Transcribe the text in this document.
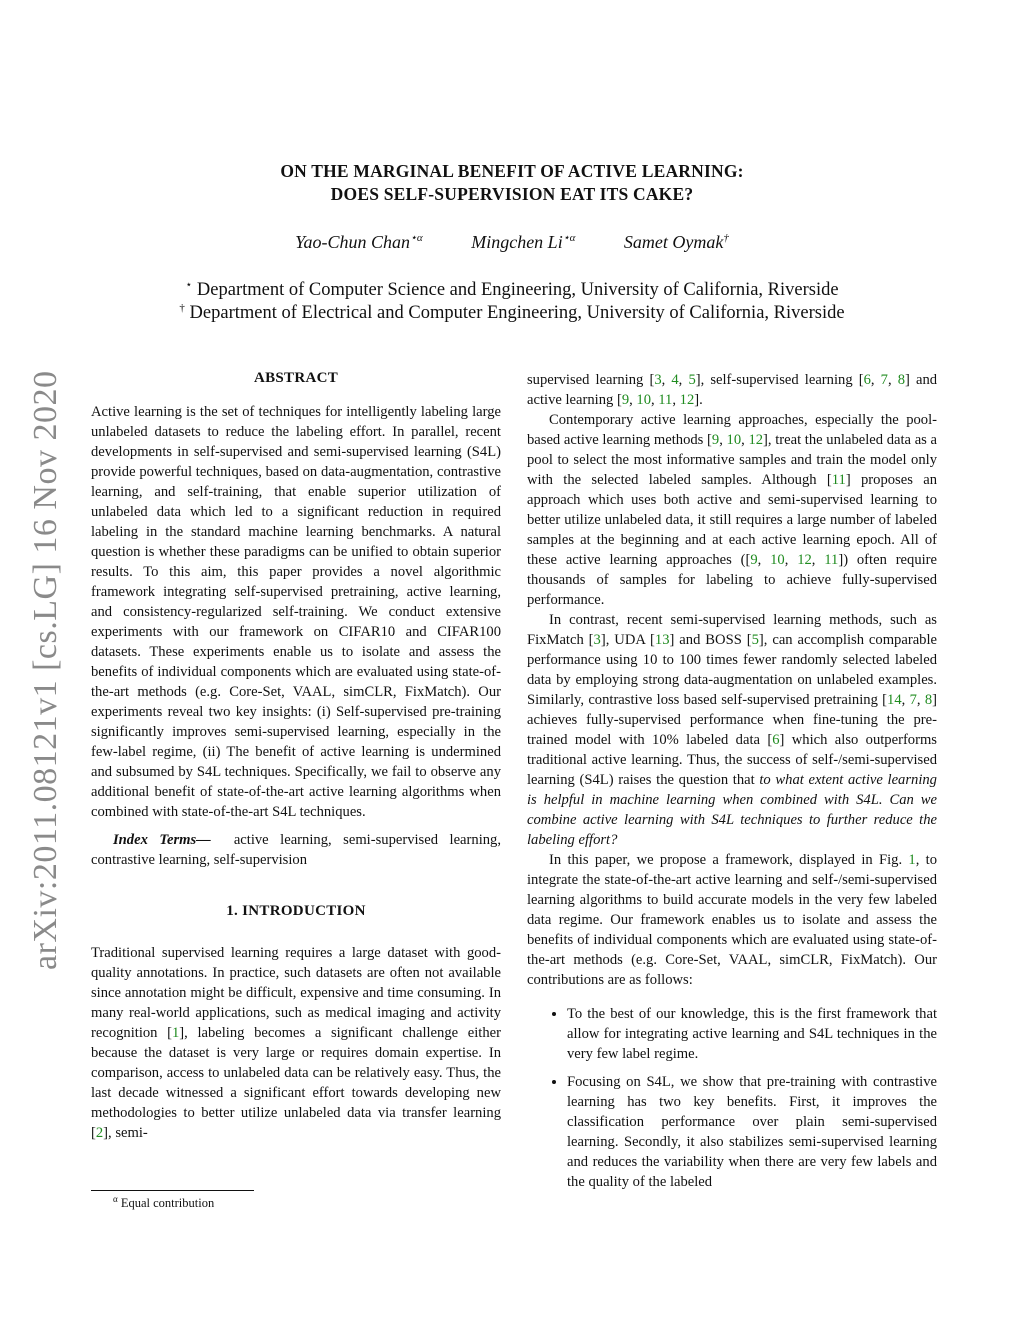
arXiv:2011.08121v1 [cs.LG] 16 Nov 2020
ON THE MARGINAL BENEFIT OF ACTIVE LEARNING:
DOES SELF-SUPERVISION EAT ITS CAKE?
Yao-Chun Chan$^{⋆\alpha}$	Mingchen $Li^{⋆\alpha}$	Samet Oymak†
⋆ Department of Computer Science and Engineering, University of California, Riverside
† Department of Electrical and Computer Engineering, University of California, Riverside
ABSTRACT

Active learning is the set of techniques for intelligently labeling large unlabeled datasets to reduce the labeling effort. In parallel, recent developments in self-supervised and semi-supervised learning (S4L) provide powerful techniques, based on data-augmentation, contrastive learning, and self-training, that enable superior utilization of unlabeled data which led to a significant reduction in required labeling in the standard machine learning benchmarks. A natural question is whether these paradigms can be unified to obtain superior results. To this aim, this paper provides a novel algorithmic framework integrating self-supervised pretraining, active learning, and consistency-regularized self-training. We conduct extensive experiments with our framework on CIFAR10 and CIFAR100 datasets. These experiments enable us to isolate and assess the benefits of individual components which are evaluated using state-of-the-art methods (e.g. Core-Set, VAAL, simCLR, FixMatch). Our experiments reveal two key insights: (i) Self-supervised pre-training significantly improves semi-supervised learning, especially in the few-label regime, (ii) The benefit of active learning is undermined and subsumed by S4L techniques. Specifically, we fail to observe any additional benefit of state-of-the-art active learning algorithms when combined with state-of-the-art S4L techniques.

Index Terms— active learning, semi-supervised learning, contrastive learning, self-supervision

1. INTRODUCTION

Traditional supervised learning requires a large dataset with good-quality annotations. In practice, such datasets are often not available since annotation might be difficult, expensive and time consuming. In many real-world applications, such as medical imaging and activity recognition [1], labeling becomes a significant challenge either because the dataset is very large or requires domain expertise. In comparison, access to unlabeled data can be relatively easy. Thus, the last decade witnessed a significant effort towards developing new methodologies to better utilize unlabeled data via transfer learning [2], semi-

supervised learning [3, 4, 5], self-supervised learning [6, 7, 8] and active learning [9, 10, 11, 12].

Contemporary active learning approaches, especially the pool-based active learning methods [9, 10, 12], treat the unlabeled data as a pool to select the most informative samples and train the model only with the selected labeled samples. Although [11] proposes an approach which uses both active and semi-supervised learning to better utilize unlabeled data, it still requires a large number of labeled samples at the beginning and at each active learning epoch. All of these active learning approaches ([9, 10, 12, 11]) often require thousands of samples for labeling to achieve fully-supervised performance.

In contrast, recent semi-supervised learning methods, such as FixMatch [3], UDA [13] and BOSS [5], can accomplish comparable performance using 10 to 100 times fewer randomly selected labeled data by employing strong data-augmentation on unlabeled examples. Similarly, contrastive loss based self-supervised pretraining [14, 7, 8] achieves fully-supervised performance when fine-tuning the pre-trained model with 10% labeled data [6] which also outperforms traditional active learning. Thus, the success of self-/semi-supervised learning (S4L) raises the question that to what extent active learning is helpful in machine learning when combined with S4L. Can we combine active learning with S4L techniques to further reduce the labeling effort?

In this paper, we propose a framework, displayed in Fig. 1, to integrate the state-of-the-art active learning and self-/semi-supervised learning algorithms to build accurate models in the very few labeled data regime. Our framework enables us to isolate and assess the benefits of individual components which are evaluated using state-of-the-art methods (e.g. Core-Set, VAAL, simCLR, FixMatch). Our contributions are as follows:

• To the best of our knowledge, this is the first framework that allow for integrating active learning and S4L techniques in the very few label regime.
• Focusing on S4L, we show that pre-training with contrastive learning has two key benefits. First, it improves the classification performance over plain semi-supervised learning. Secondly, it also stabilizes semi-supervised learning and reduces the variability when there are very few labels and the quality of the labeled
$^\alpha$ Equal contribution
